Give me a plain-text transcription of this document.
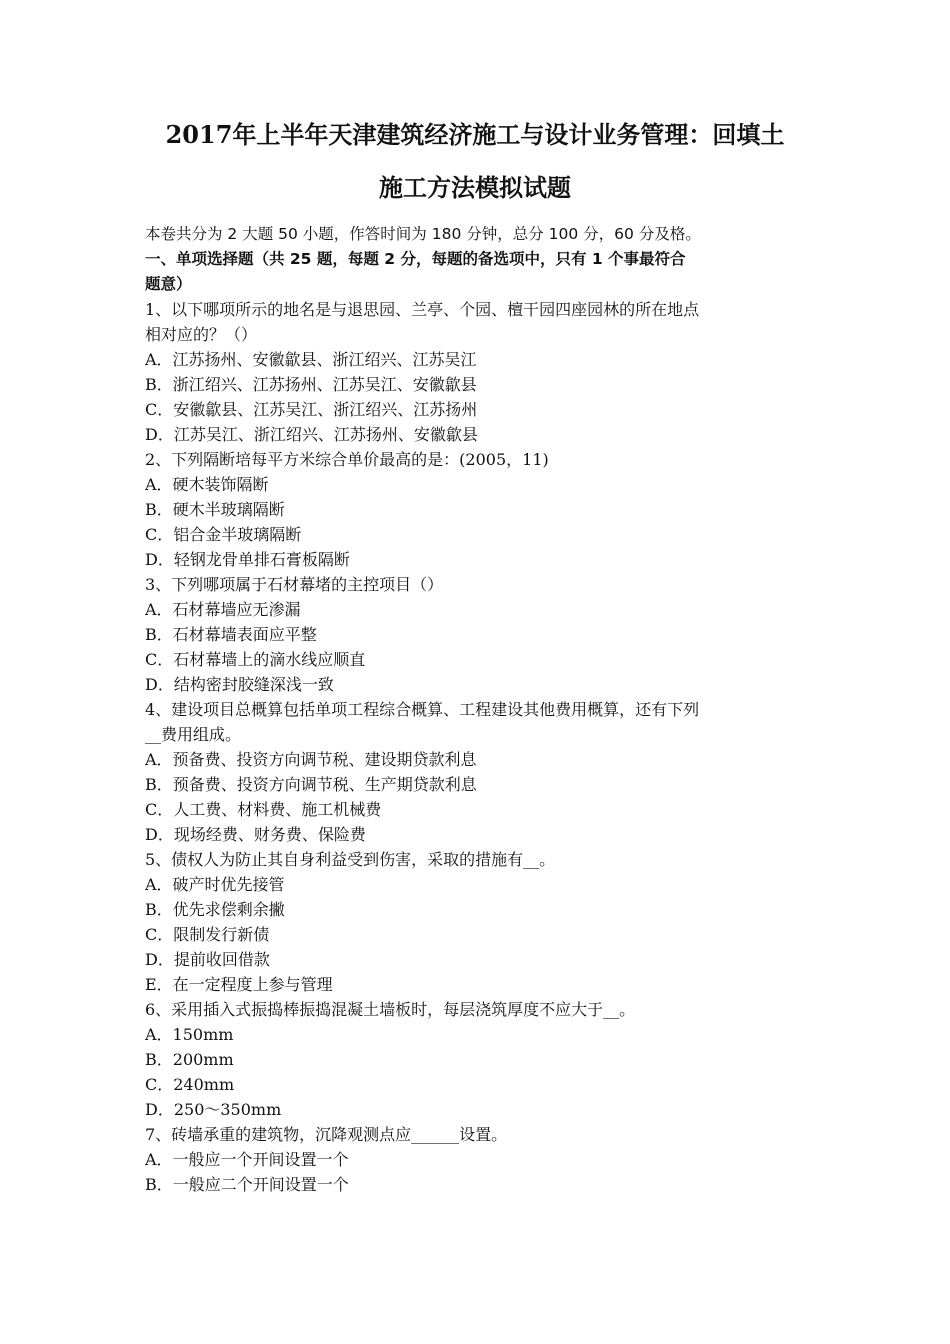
2017年上半年天津建筑经济施工与设计业务管理：回填土
施工方法模拟试题
本卷共分为 2 大题 50 小题，作答时间为 180 分钟，总分 100 分，60 分及格。
一、单项选择题（共 25 题，每题 2 分，每题的备选项中，只有 1 个事最符合
题意）
1、以下哪项所示的地名是与退思园、兰亭、个园、檀干园四座园林的所在地点
相对应的？（）
A．江苏扬州、安徽歙县、浙江绍兴、江苏吴江
B．浙江绍兴、江苏扬州、江苏吴江、安徽歙县
C．安徽歙县、江苏吴江、浙江绍兴、江苏扬州
D．江苏吴江、浙江绍兴、江苏扬州、安徽歙县
2、下列隔断培每平方米综合单价最高的是：(2005，11)
A．硬木装饰隔断
B．硬木半玻璃隔断
C．铝合金半玻璃隔断
D．轻钢龙骨单排石膏板隔断
3、下列哪项属于石材幕堵的主控项目（）
A．石材幕墙应无渗漏
B．石材幕墙表面应平整
C．石材幕墙上的滴水线应顺直
D．结构密封胶缝深浅一致
4、建设项目总概算包括单项工程综合概算、工程建设其他费用概算，还有下列
__费用组成。
A．预备费、投资方向调节税、建设期贷款利息
B．预备费、投资方向调节税、生产期贷款利息
C．人工费、材料费、施工机械费
D．现场经费、财务费、保险费
5、债权人为防止其自身利益受到伤害，采取的措施有__。
A．破产时优先接管
B．优先求偿剩余撇
C．限制发行新债
D．提前收回借款
E．在一定程度上参与管理
6、采用插入式振捣棒振捣混凝土墙板时，每层浇筑厚度不应大于__。
A．150mm
B．200mm
C．240mm
D．250～350mm
7、砖墙承重的建筑物，沉降观测点应______设置。
A．一般应一个开间设置一个
B．一般应二个开间设置一个
